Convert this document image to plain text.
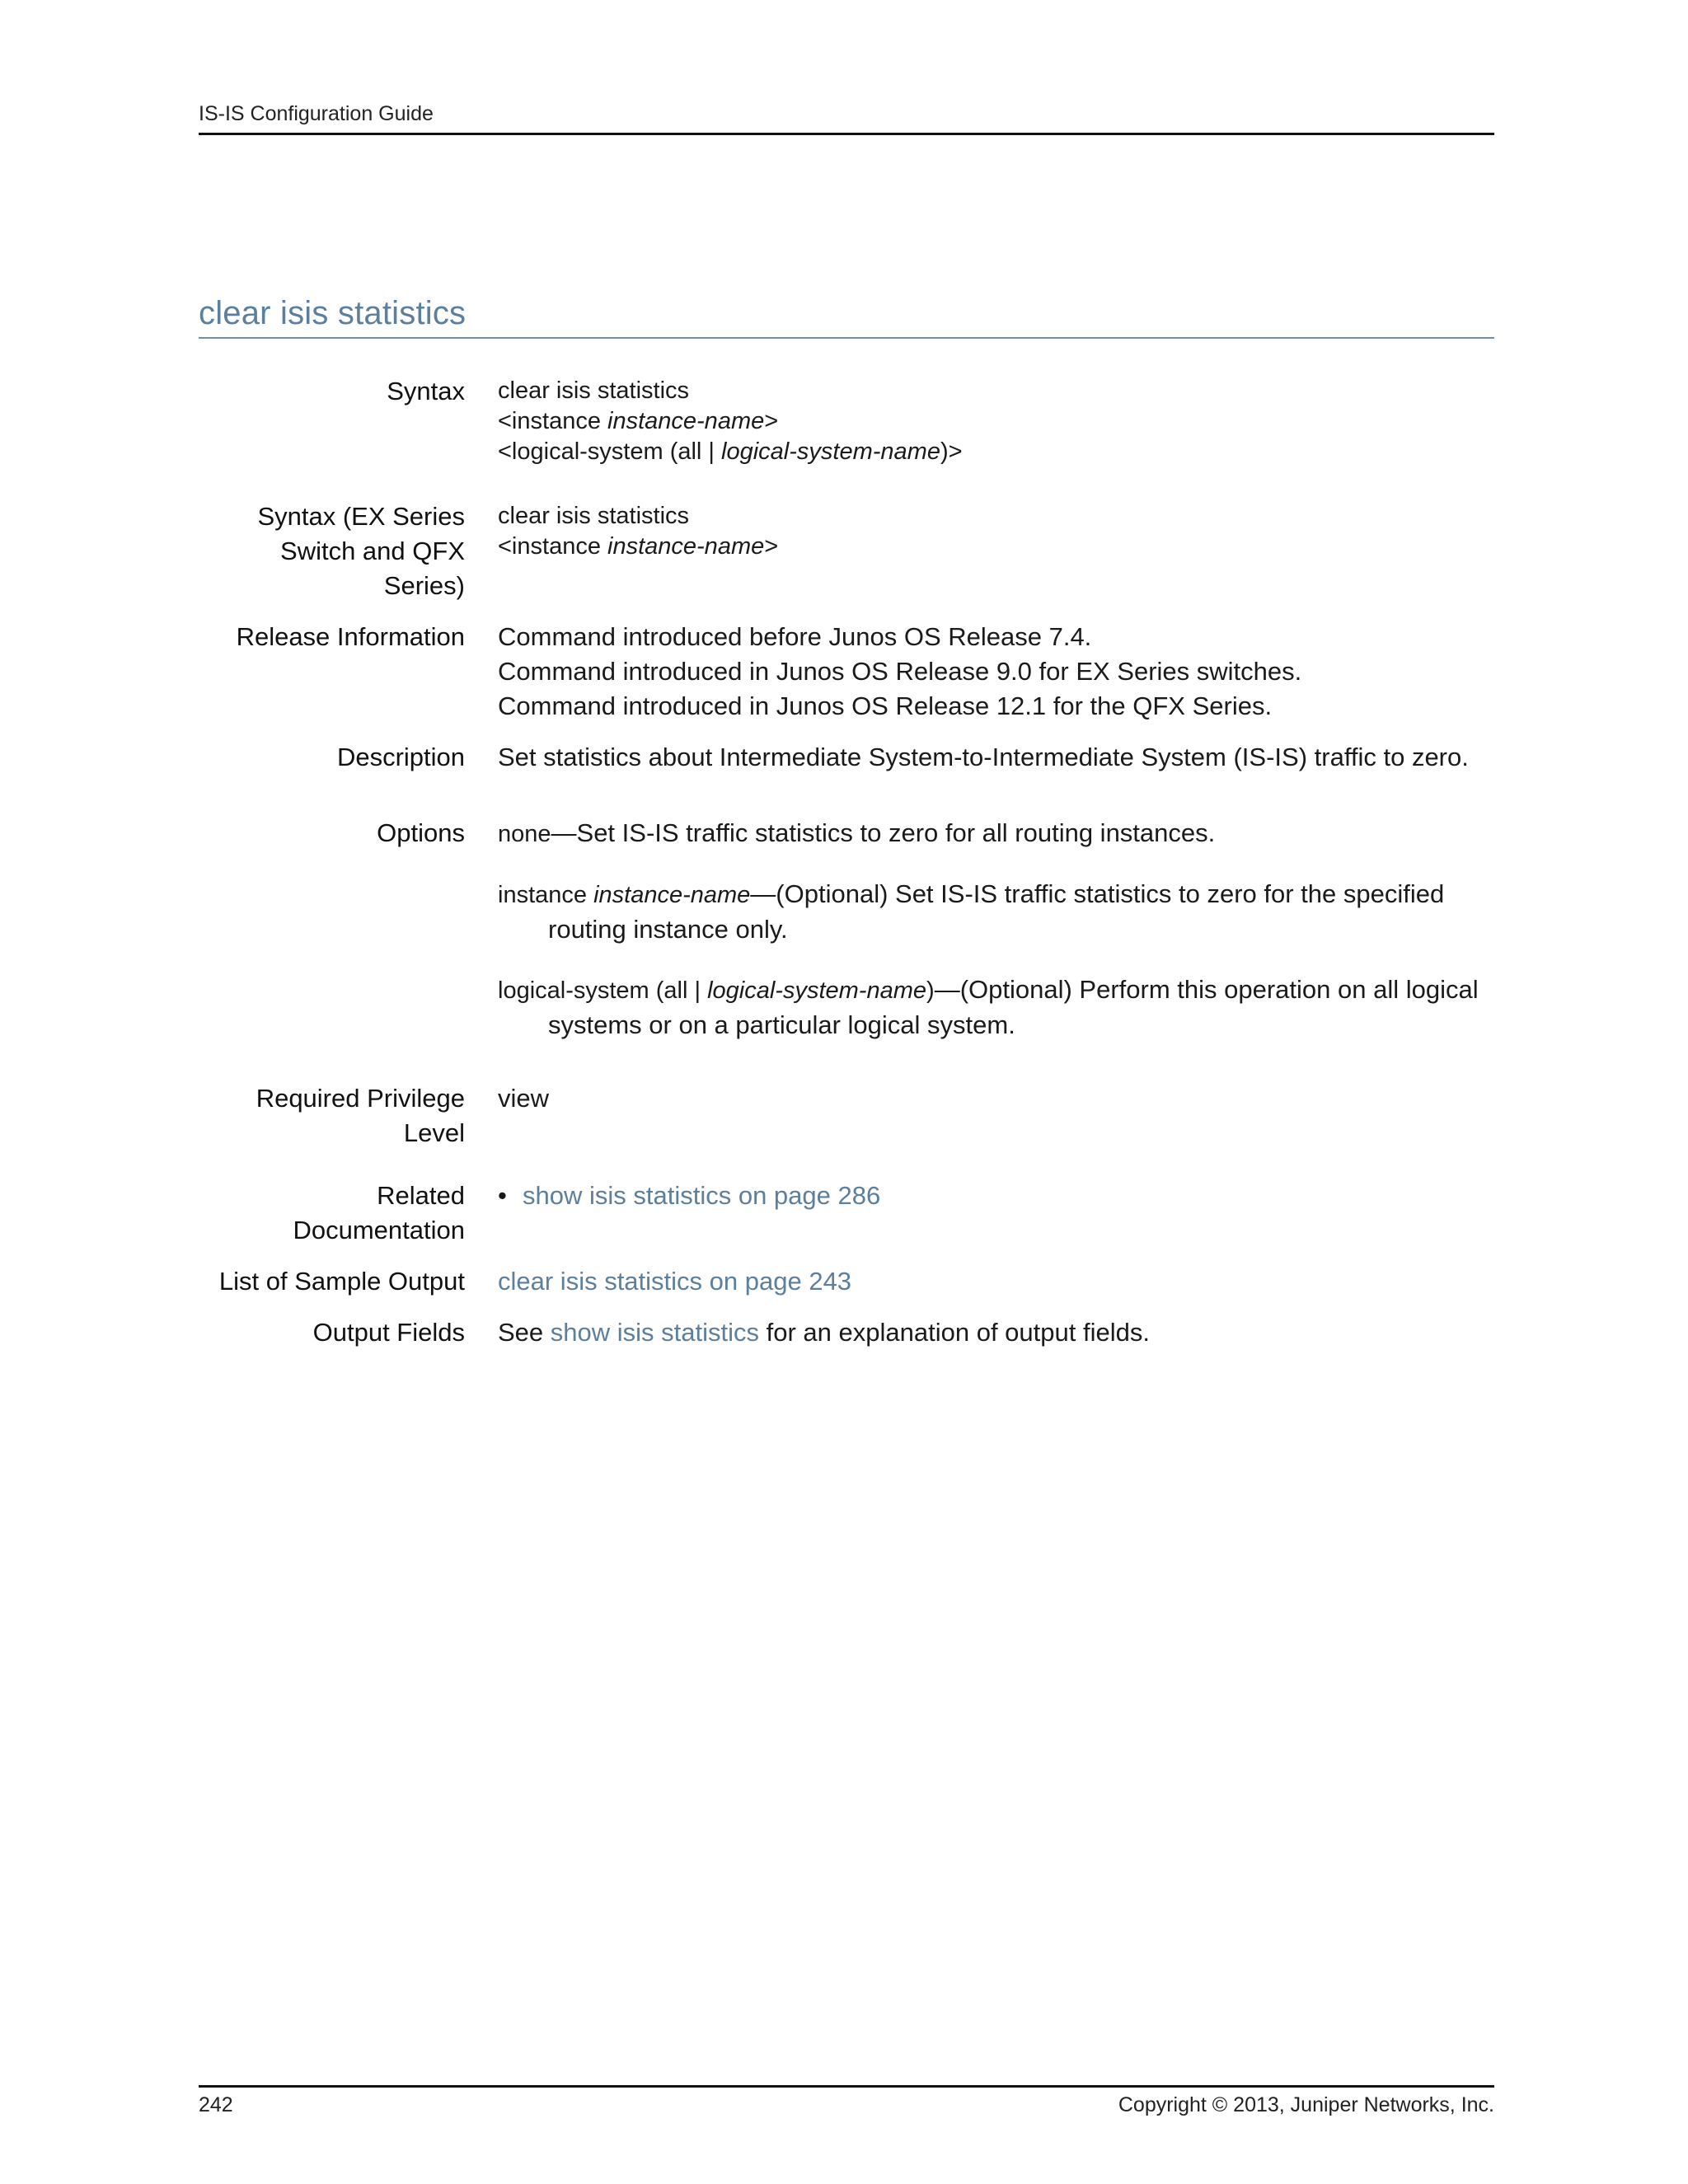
IS-IS Configuration Guide
clear isis statistics
Syntax clear isis statistics
<instance instance-name>
<logical-system (all | logical-system-name)>
Syntax (EX Series
Switch and QFX
Series)
clear isis statistics
<instance instance-name>
Release Information Command introduced before Junos OS Release 7.4.
Command introduced in Junos OS Release 9.0 for EX Series switches.
Command introduced in Junos OS Release 12.1 for the QFX Series.
Description Set statistics about Intermediate System-to-Intermediate System (IS-IS) traffic to zero.
Options none—Set IS-IS traffic statistics to zero for all routing instances.

instance instance-name—(Optional) Set IS-IS traffic statistics to zero for the specified routing instance only.

logical-system (all | logical-system-name)—(Optional) Perform this operation on all logical systems or on a particular logical system.

Required Privilege
Level
view
Related
Documentation
• show isis statistics on page 286
List of Sample Output clear isis statistics on page 243
Output Fields See show isis statistics for an explanation of output fields.
242	Copyright © 2013, Juniper Networks, Inc.
